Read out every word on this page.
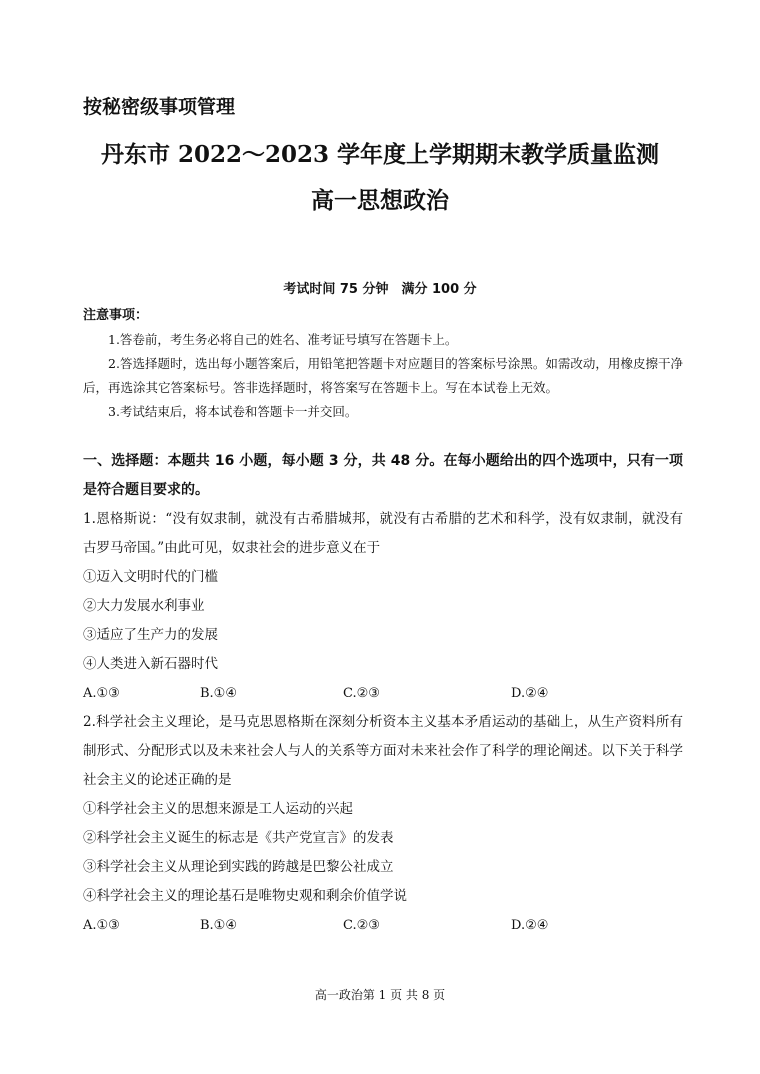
按秘密级事项管理
丹东市 2022～2023 学年度上学期期末教学质量监测
高一思想政治
考试时间 75 分钟　满分 100 分
注意事项：
1.答卷前，考生务必将自己的姓名、准考证号填写在答题卡上。
2.答选择题时，选出每小题答案后，用铅笔把答题卡对应题目的答案标号涂黑。如需改动，用橡皮擦干净后，再选涂其它答案标号。答非选择题时，将答案写在答题卡上。写在本试卷上无效。
3.考试结束后，将本试卷和答题卡一并交回。
一、选择题：本题共 16 小题，每小题 3 分，共 48 分。在每小题给出的四个选项中，只有一项是符合题目要求的。
1.恩格斯说：“没有奴隶制，就没有古希腊城邦，就没有古希腊的艺术和科学，没有奴隶制，就没有古罗马帝国。”由此可见，奴隶社会的进步意义在于
①迈入文明时代的门槛
②大力发展水利事业
③适应了生产力的发展
④人类进入新石器时代
A.①③	B.①④	C.②③	D.②④
2.科学社会主义理论，是马克思恩格斯在深刻分析资本主义基本矛盾运动的基础上，从生产资料所有制形式、分配形式以及未来社会人与人的关系等方面对未来社会作了科学的理论阐述。以下关于科学社会主义的论述正确的是
①科学社会主义的思想来源是工人运动的兴起
②科学社会主义诞生的标志是《共产党宣言》的发表
③科学社会主义从理论到实践的跨越是巴黎公社成立
④科学社会主义的理论基石是唯物史观和剩余价值学说
A.①③	B.①④	C.②③	D.②④
高一政治第 1 页 共 8 页
